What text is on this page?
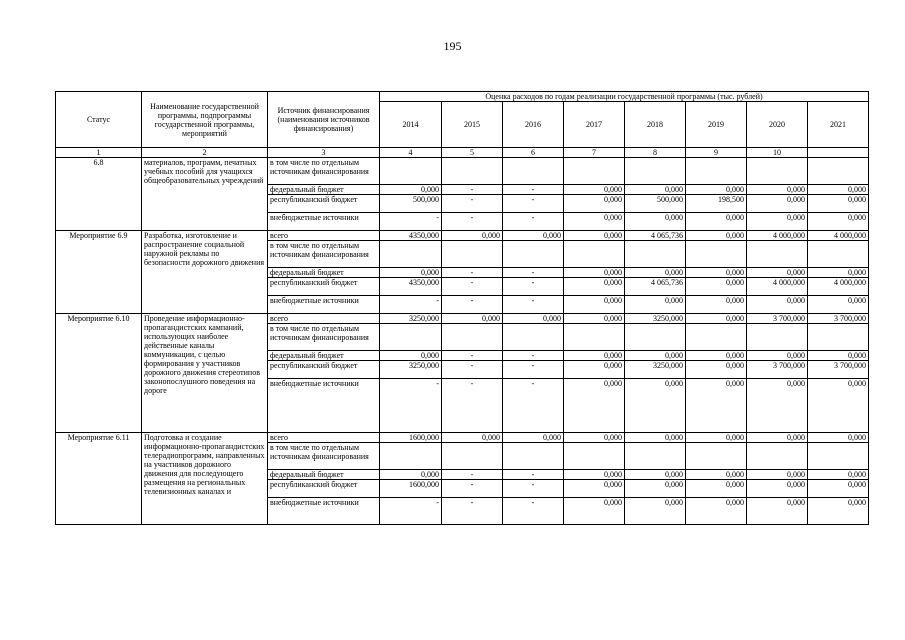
195
Статус	Наименование государственной программы, подпрограммы государственной программы, мероприятий	Источник финансирования (наименования источников финансирования)	Оценка расходов по годам реализации государственной программы (тыс. рублей)							
			2014	2015	2016	2017	2018	2019	2020	2021
1	2	3	4	5	6	7	8	9	10	
6.8	материалов, программ, печатных учебных пособий для учащихся общеобразовательных учреждений	в том числе по отдельным источникам финансирования								
		федеральный бюджет	0,000	-	-	0,000	0,000	0,000	0,000	0,000
		республиканский бюджет	500,000	-	-	0,000	500,000	198,500	0,000	0,000
		внебюджетные источники	-	-	-	0,000	0,000	0,000	0,000	0,000
Мероприятие 6.9	Разработка, изготовление и распространение социальной наружной рекламы по безопасности дорожного движения	всего	4350,000	0,000	0,000	0,000	4 065,736	0,000	4 000,000	4 000,000
		в том числе по отдельным источникам финансирования								
		федеральный бюджет	0,000	-	-	0,000	0,000	0,000	0,000	0,000
		республиканский бюджет	4350,000	-	-	0,000	4 065,736	0,000	4 000,000	4 000,000
		внебюджетные источники	-	-	-	0,000	0,000	0,000	0,000	0,000
Мероприятие 6.10	Проведение информационно-пропагандистских кампаний, использующих наиболее действенные каналы коммуникации, с целью формирования у участников дорожного движения стереотипов законопослушного поведения на дороге	всего	3250,000	0,000	0,000	0,000	3250,000	0,000	3 700,000	3 700,000
		в том числе по отдельным источникам финансирования								
		федеральный бюджет	0,000	-	-	0,000	0,000	0,000	0,000	0,000
		республиканский бюджет	3250,000	-	-	0,000	3250,000	0,000	3 700,000	3 700,000
		внебюджетные источники	-	-	-	0,000	0,000	0,000	0,000	0,000
Мероприятие 6.11	Подготовка и создание информационно-пропагандистских телерадиопрограмм, направленных на участников дорожного движения для последующего размещения на региональных телевизионных каналах и	всего	1600,000	0,000	0,000	0,000	0,000	0,000	0,000	0,000
		в том числе по отдельным источникам финансирования								
		федеральный бюджет	0,000	-	-	0,000	0,000	0,000	0,000	0,000
		республиканский бюджет	1600,000	-	-	0,000	0,000	0,000	0,000	0,000
		внебюджетные источники	-	-	-	0,000	0,000	0,000	0,000	0,000
